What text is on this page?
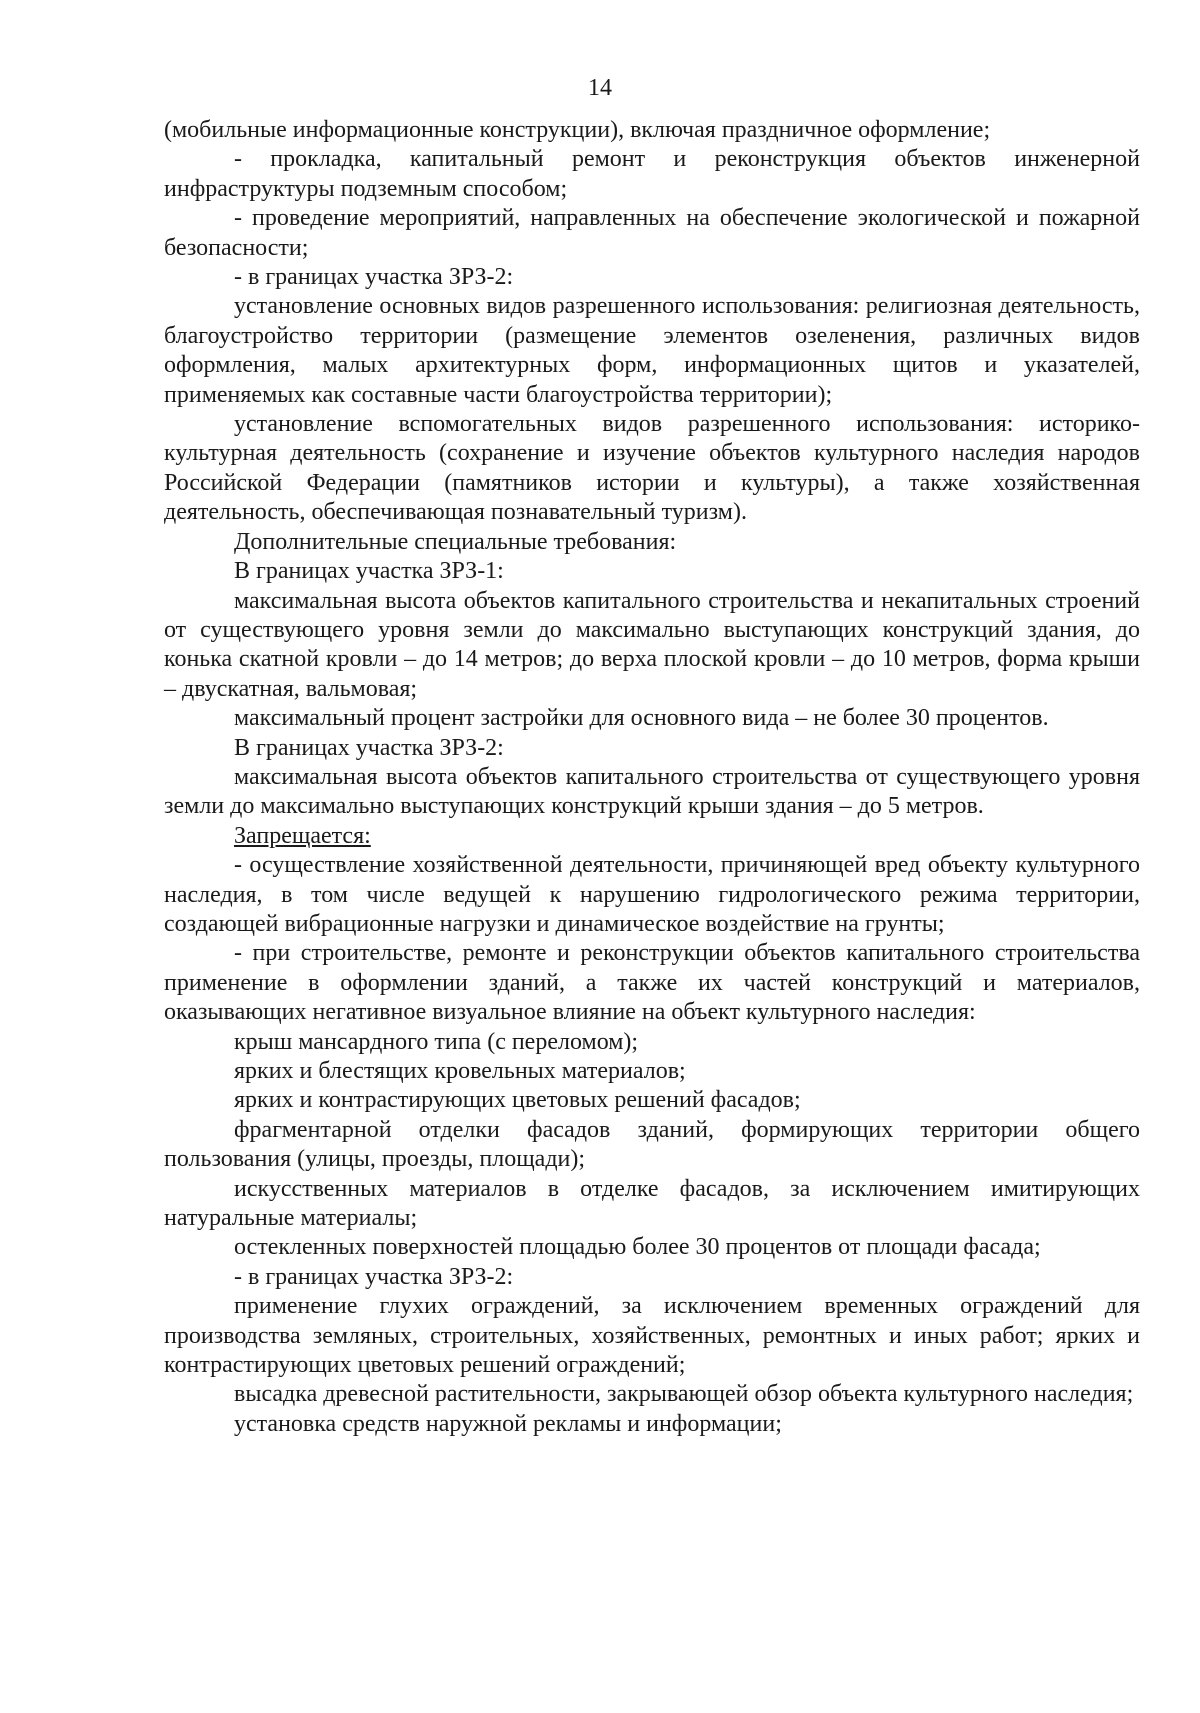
14

(мобильные информационные конструкции), включая праздничное оформление;

- прокладка, капитальный ремонт и реконструкция объектов инженерной инфраструктуры подземным способом;

- проведение мероприятий, направленных на обеспечение экологической и пожарной безопасности;

- в границах участка ЗРЗ-2:

установление основных видов разрешенного использования: религиозная деятельность, благоустройство территории (размещение элементов озеленения, различных видов оформления, малых архитектурных форм, информационных щитов и указателей, применяемых как составные части благоустройства территории);

установление вспомогательных видов разрешенного использования: историко-культурная деятельность (сохранение и изучение объектов культурного наследия народов Российской Федерации (памятников истории и культуры), а также хозяйственная деятельность, обеспечивающая познавательный туризм).

Дополнительные специальные требования:

В границах участка ЗРЗ-1:

максимальная высота объектов капитального строительства и некапитальных строений от существующего уровня земли до максимально выступающих конструкций здания, до конька скатной кровли – до 14 метров; до верха плоской кровли – до 10 метров, форма крыши – двускатная, вальмовая;

максимальный процент застройки для основного вида – не более 30 процентов.

В границах участка ЗРЗ-2:

максимальная высота объектов капитального строительства от существующего уровня земли до максимально выступающих конструкций крыши здания – до 5 метров.

Запрещается:

- осуществление хозяйственной деятельности, причиняющей вред объекту культурного наследия, в том числе ведущей к нарушению гидрологического режима территории, создающей вибрационные нагрузки и динамическое воздействие на грунты;

- при строительстве, ремонте и реконструкции объектов капитального строительства применение в оформлении зданий, а также их частей конструкций и материалов, оказывающих негативное визуальное влияние на объект культурного наследия:

крыш мансардного типа (с переломом);

ярких и блестящих кровельных материалов;

ярких и контрастирующих цветовых решений фасадов;

фрагментарной отделки фасадов зданий, формирующих территории общего пользования (улицы, проезды, площади);

искусственных материалов в отделке фасадов, за исключением имитирующих натуральные материалы;

остекленных поверхностей площадью более 30 процентов от площади фасада;

- в границах участка ЗРЗ-2:

применение глухих ограждений, за исключением временных ограждений для производства земляных, строительных, хозяйственных, ремонтных и иных работ; ярких и контрастирующих цветовых решений ограждений;

высадка древесной растительности, закрывающей обзор объекта культурного наследия;

установка средств наружной рекламы и информации;
